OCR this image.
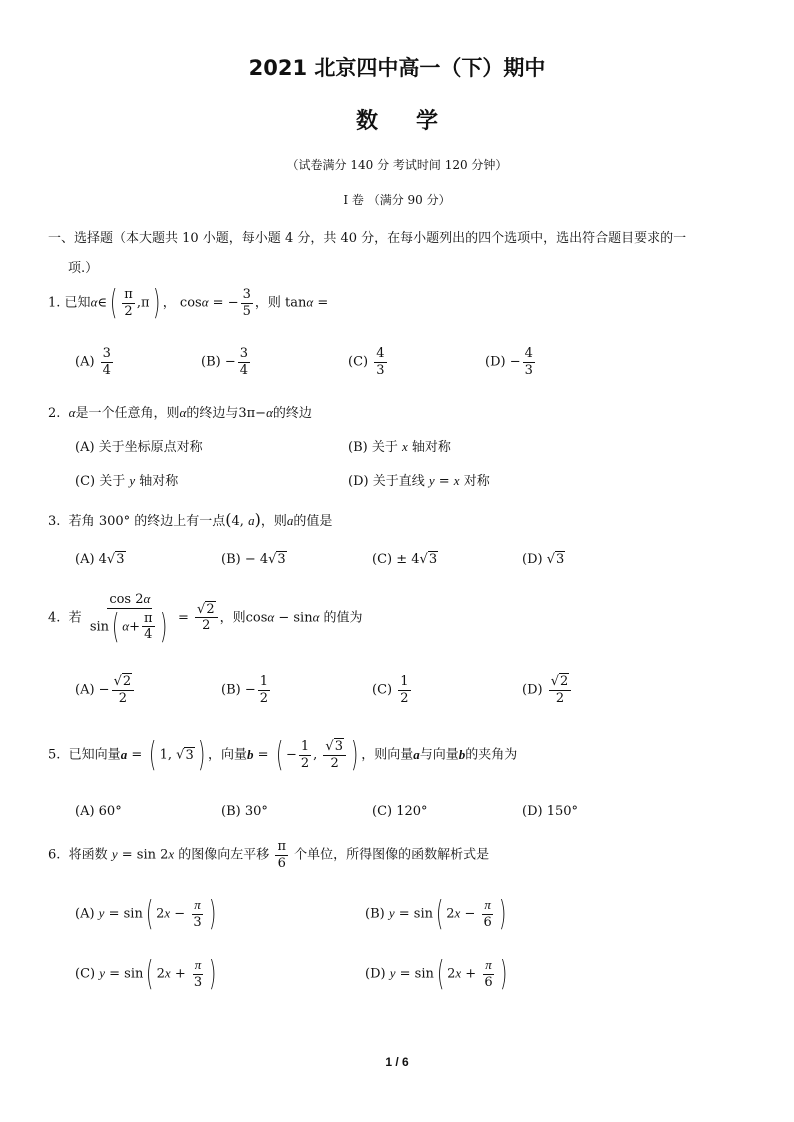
2021 北京四中高一（下）期中
数学
（试卷满分 140 分 考试时间 120 分钟）
I 卷 （满分 90 分）
一、选择题（本大题共 10 小题，每小题 4 分，共 40 分，在每小题列出的四个选项中，选出符合题目要求的一
项.）
1. 已知α∈( $\frac{\pi}{2} ,\pi$) ， cosα = − $\frac{3}{5}$ ，则 tanα =
$(A) \frac{3}{4}$	$(B) - \frac{3}{4}$	$(C) \frac{4}{3}$	$(D) - \frac{4}{3}$
2. α是一个任意角，则α的终边与3π−α的终边
(A) 关于坐标原点对称	(B) 关于 x 轴对称
(C) 关于 y 轴对称	(D) 关于直线 y = x 对称
3. 若角 300° 的终边上有一点(4, a)，则a的值是
(A) 4√3	(B) − 4√3	(C) ± 4√3	(D) √3
4. 若 $\frac{\cos 2\alpha}{\sin( \alpha+ \frac{\pi}{4} )} = \frac{√2}{2}$ ，则cosα − sinα 的值为
$(A) - \frac{√2}{2}$	$(B) - \frac{1}{2}$	$(C) \frac{1}{2}$	$(D) \frac{√2}{2}$
5. 已知向量a = ( 1, √3 ) ，向量b = ( − $\frac{1}{2}$ , $\frac{√3}{2}$ ) ，则向量a与向量b的夹角为
(A) 60°	(B) 30°	(C) 120°	(D) 150°
6. 将函数 y = sin 2x 的图像向左平移 $\frac{\pi}{6}$ 个单位，所得图像的函数解析式是
(A) y = sin( $2x - \frac{\pi}{3}$ )	(B) y = sin( $2x - \frac{\pi}{6}$ )
(C) y = sin( $2x + \frac{\pi}{3}$ )	(D) y = sin( $2x + \frac{\pi}{6}$ )
1 / 6
